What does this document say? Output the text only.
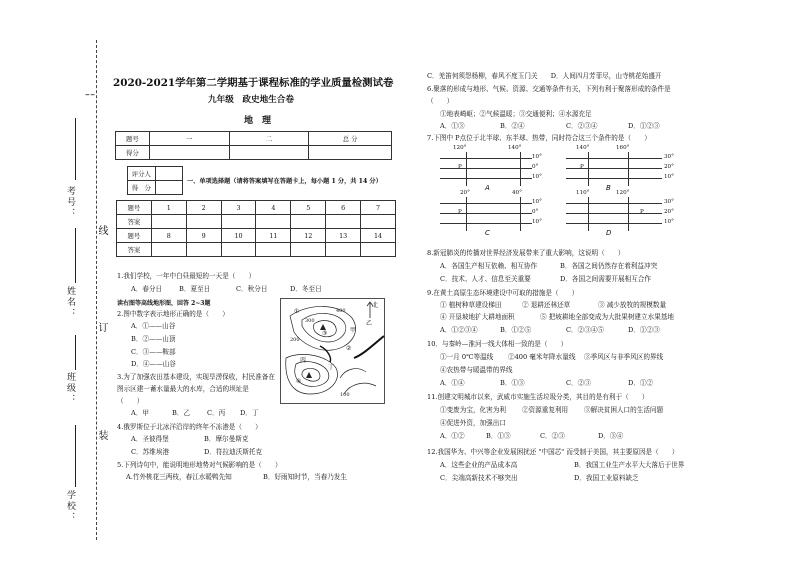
╎
线
订
装
考号：
姓名：
班级：
学校：
2020-2021学年第二学期基于课程标准的学业质量检测试卷
九年级　政史地生合卷
地　理
题号	一	二	总 分
得分			
评分人	
得　分	
一、单项选择题（请将答案填写在答题卡上，每小题 1 分，共 14 分）
题号	1	2	3	4	5	6	7
答案							
题号	8	9	10	11	12	13	14
答案							
1.我们学校，一年中白昼最短的一天是（　　）
A．春分日	B．夏至日	C．秋分日	D．冬至日
读右图等高线地形图，回答 2~3题
2.图中数字表示地形正确的是（　　）
A．①——山谷
B．②——山顶
C．③——鞍部
D．④——山谷
3.为了加强农田基本建设，实现旱涝保收，村民准备在
图示区建一蓄水量最大的水库，合适的坝址是
（　　）
A．甲	B．乙	C．丙 D．丁
4.俄罗斯位于北冰洋沿岸的终年不冻港是（　　）
A．圣彼得堡	B．摩尔曼斯克
C．苏维埃港	D．符拉迪沃斯托克
5.下列诗句中，能说明地形地势对气候影响的是（　　）
A.竹外桃花三两枝，春江水暖鸭先知	B．好雨知时节，当春乃发生
北
400
300
200
100
甲
乙
丙
丁
①
②
③
④
C．羌笛何须怨杨柳，春风不度玉门关　　D．人间四月芳菲尽，山寺桃花始盛开
6.聚落的形成与地形、气候、资源、交通等条件有关，下列有利于聚落形成的条件是
（　　）
①地表崎岖；②气候温暖；③交通便利；④水源充足
A．①③	B．②④	C．②③④	D．①②③
7.下图中 P点位于北半球、东半球、热带，同时符合这三个条件的是（　　）
120°	140°
10°
0°
10°
P
A
140°	160°
30°
20°
10°
P
B
20°	40°
10°
0°
10°
P
C
110°	120°
30°
20°
10°
P
D
8.新冠肺炎的传播对世界经济发展带来了重大影响，这说明（　　）
A．各国生产相互依赖、相互协作	B．各国之间仍然存在着利益冲突
C．技术、人才、信息至关重要	D．各国之间需要开展相互合作
9.在黄土高原生态环境建设中可取的措施是（　　）
① 植树种草建设梯田	② 退耕还林还草	③ 减少放牧的规模数量
④ 开垦坡地扩大耕地面积	⑤ 把坡耕地全部变成为大批果树建立水果基地
A．①②③④	B．①②⑤	C．②③④⑤	D．①②③
10．与秦岭—淮河一线大体相一致的是（　　）
①一月 0℃等温线 ②400 毫米年降水量线 ③季风区与非季风区的界线
④农热带与暖温带的界线
A．①④	B．①③	C．②③	D．①②
11.创建文明城市以来，武威市实施生活垃圾分类，其目的是有利于（　　）
①变废为宝，化害为利 ②资源重复利用 ③解决贫困人口的生活问题
④促进外资，加强出口
A．①②	B．①③	C．②③	D．③④
12.我国华为、中兴等企业发展困扰还 "中国芯" 而受制于美国，其主要原因是（　　）
A．这些企业的产品成本高	B．我国工业生产水平大大落后于世界
C．尖端高新技术不够突出	D．我国工业原料缺乏
